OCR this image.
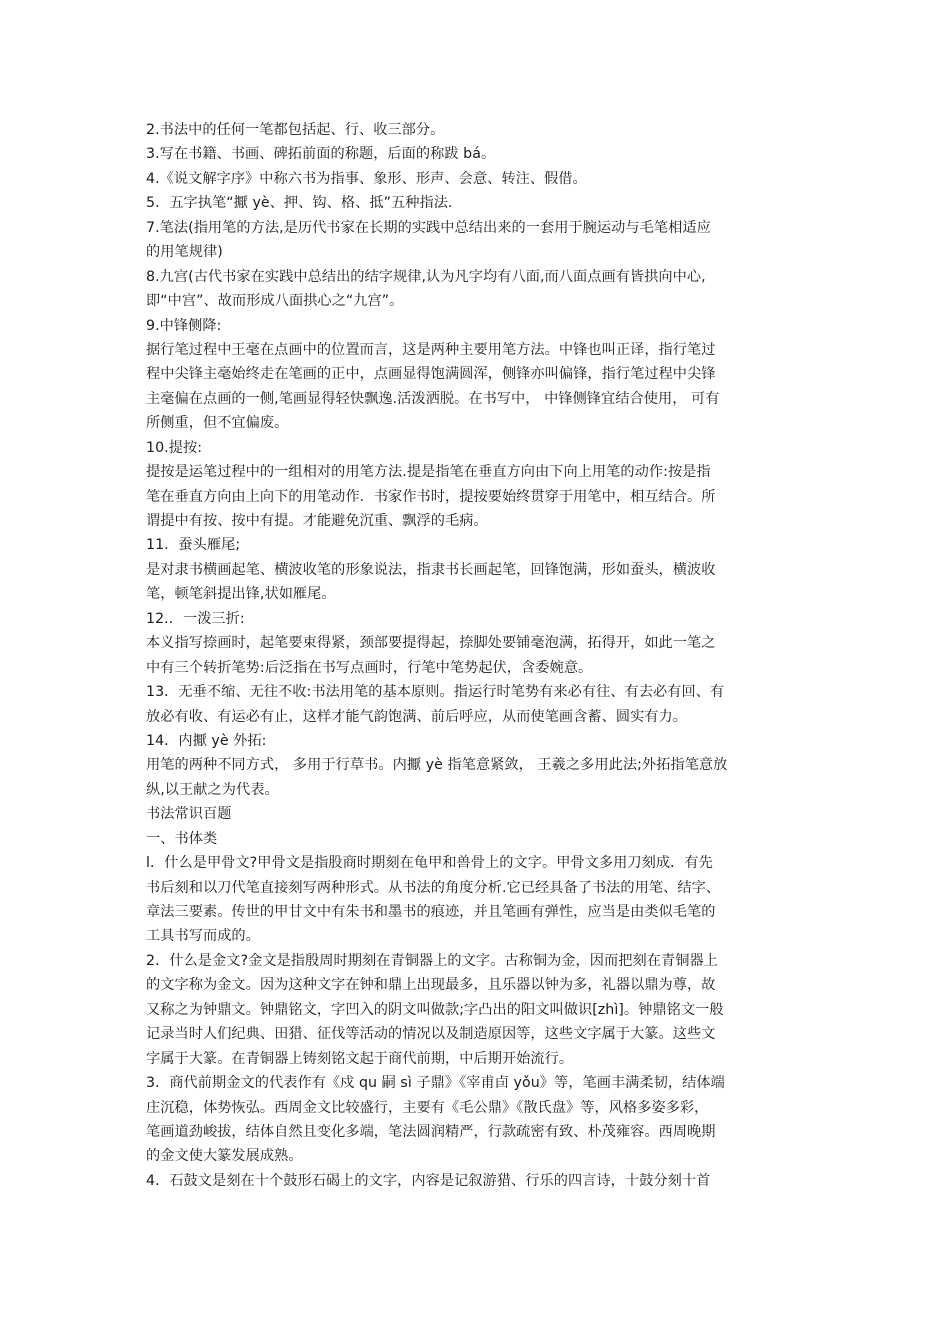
2.书法中的任何一笔都包括起、行、收三部分。
3.写在书籍、书画、碑拓前面的称题，后面的称跋 bá。
4.《说文解字序》中称六书为指事、象形、形声、会意、转注、假借。
5．五字执笔“擫 yè、押、钩、格、抵”五种指法.
7.笔法(指用笔的方法,是历代书家在长期的实践中总结出来的一套用于腕运动与毛笔相适应
的用笔规律)
8.九宫(古代书家在实践中总结出的结字规律,认为凡字均有八面,而八面点画有皆拱向中心,
即“中宫”、故而形成八面拱心之“九宫”。
9.中锋侧降:
据行笔过程中王毫在点画中的位置而言，这是两种主要用笔方法。中锋也叫正译，指行笔过
程中尖锋主毫始终走在笔画的正中，点画显得饱满圆浑，侧锋亦叫偏锋，指行笔过程中尖锋
主毫偏在点画的一侧,笔画显得轻快飘逸.活泼洒脱。在书写中， 中锋侧锋宜结合使用， 可有
所侧重，但不宜偏废。
10.提按:
提按是运笔过程中的一组相对的用笔方法.提是指笔在垂直方向由下向上用笔的动作:按是指
笔在垂直方向由上向下的用笔动作．书家作书时，提按要始终贯穿于用笔中，相互结合。所
谓提中有按、按中有提。才能避免沉重、飘浮的毛病。
11．蚕头雁尾;
是对隶书横画起笔、横波收笔的形象说法，指隶书长画起笔，回锋饱满，形如蚕头，横波收
笔，顿笔斜提出锋,状如雁尾。
12.．一泼三折:
本义指写捺画时，起笔要束得紧，颈部要提得起，捺脚处要铺毫泡满，拓得开，如此一笔之
中有三个转折笔势:后泛指在书写点画时，行笔中笔势起伏，含委婉意。
13．无垂不缩、无往不收:书法用笔的基本原则。指运行时笔势有来必有往、有去必有回、有
放必有收、有运必有止，这样才能气韵饱满、前后呼应，从而使笔画含蓄、圆实有力。
14．内擫 yè 外拓:
用笔的两种不同方式， 多用于行草书。内擫 yè 指笔意紧敛， 王羲之多用此法;外拓指笔意放
纵,以王献之为代表。
书法常识百题
一、书体类
l．什么是甲骨文?甲骨文是指股商时期刻在龟甲和兽骨上的文字。甲骨文多用刀刻成．有先
书后刻和以刀代笔直接刻写两种形式。从书法的角度分析.它已经具备了书法的用笔、结字、
章法三要素。传世的甲甘文中有朱书和墨书的痕迹，并且笔画有弹性，应当是由类似毛笔的
工具书写而成的。
2．什么是金文?金文是指殷周时期刻在青铜器上的文字。古称铜为金，因而把刻在青铜器上
的文字称为金文。因为这种文字在钟和鼎上出现最多，且乐器以钟为多，礼器以鼎为尊，故
又称之为钟鼎文。钟鼎铭文，字凹入的阴文叫做款;字凸出的阳文叫做识[zhì]。钟鼎铭文一般
记录当时人们纪典、田猎、征伐等活动的情况以及制造原因等，这些文字属于大篆。这些文
字属于大篆。在青铜器上铸刻铭文起于商代前期，中后期开始流行。
3．商代前期金文的代表作有《戍 qu 嗣 sì 子鼎》《宰甫卣 yǒu》等，笔画丰满柔韧，结体端
庄沉稳，体势恢弘。西周金文比较盛行，主要有《毛公鼎》《散氏盘》等，风格多姿多彩，
笔画道劲峻拔，结体自然且变化多端，笔法圆润精严，行款疏密有致、朴茂雍容。西周晚期
的金文使大篆发展成熟。
4．石鼓文是刻在十个鼓形石碣上的文字，内容是记叙游猎、行乐的四言诗，十鼓分刻十首
